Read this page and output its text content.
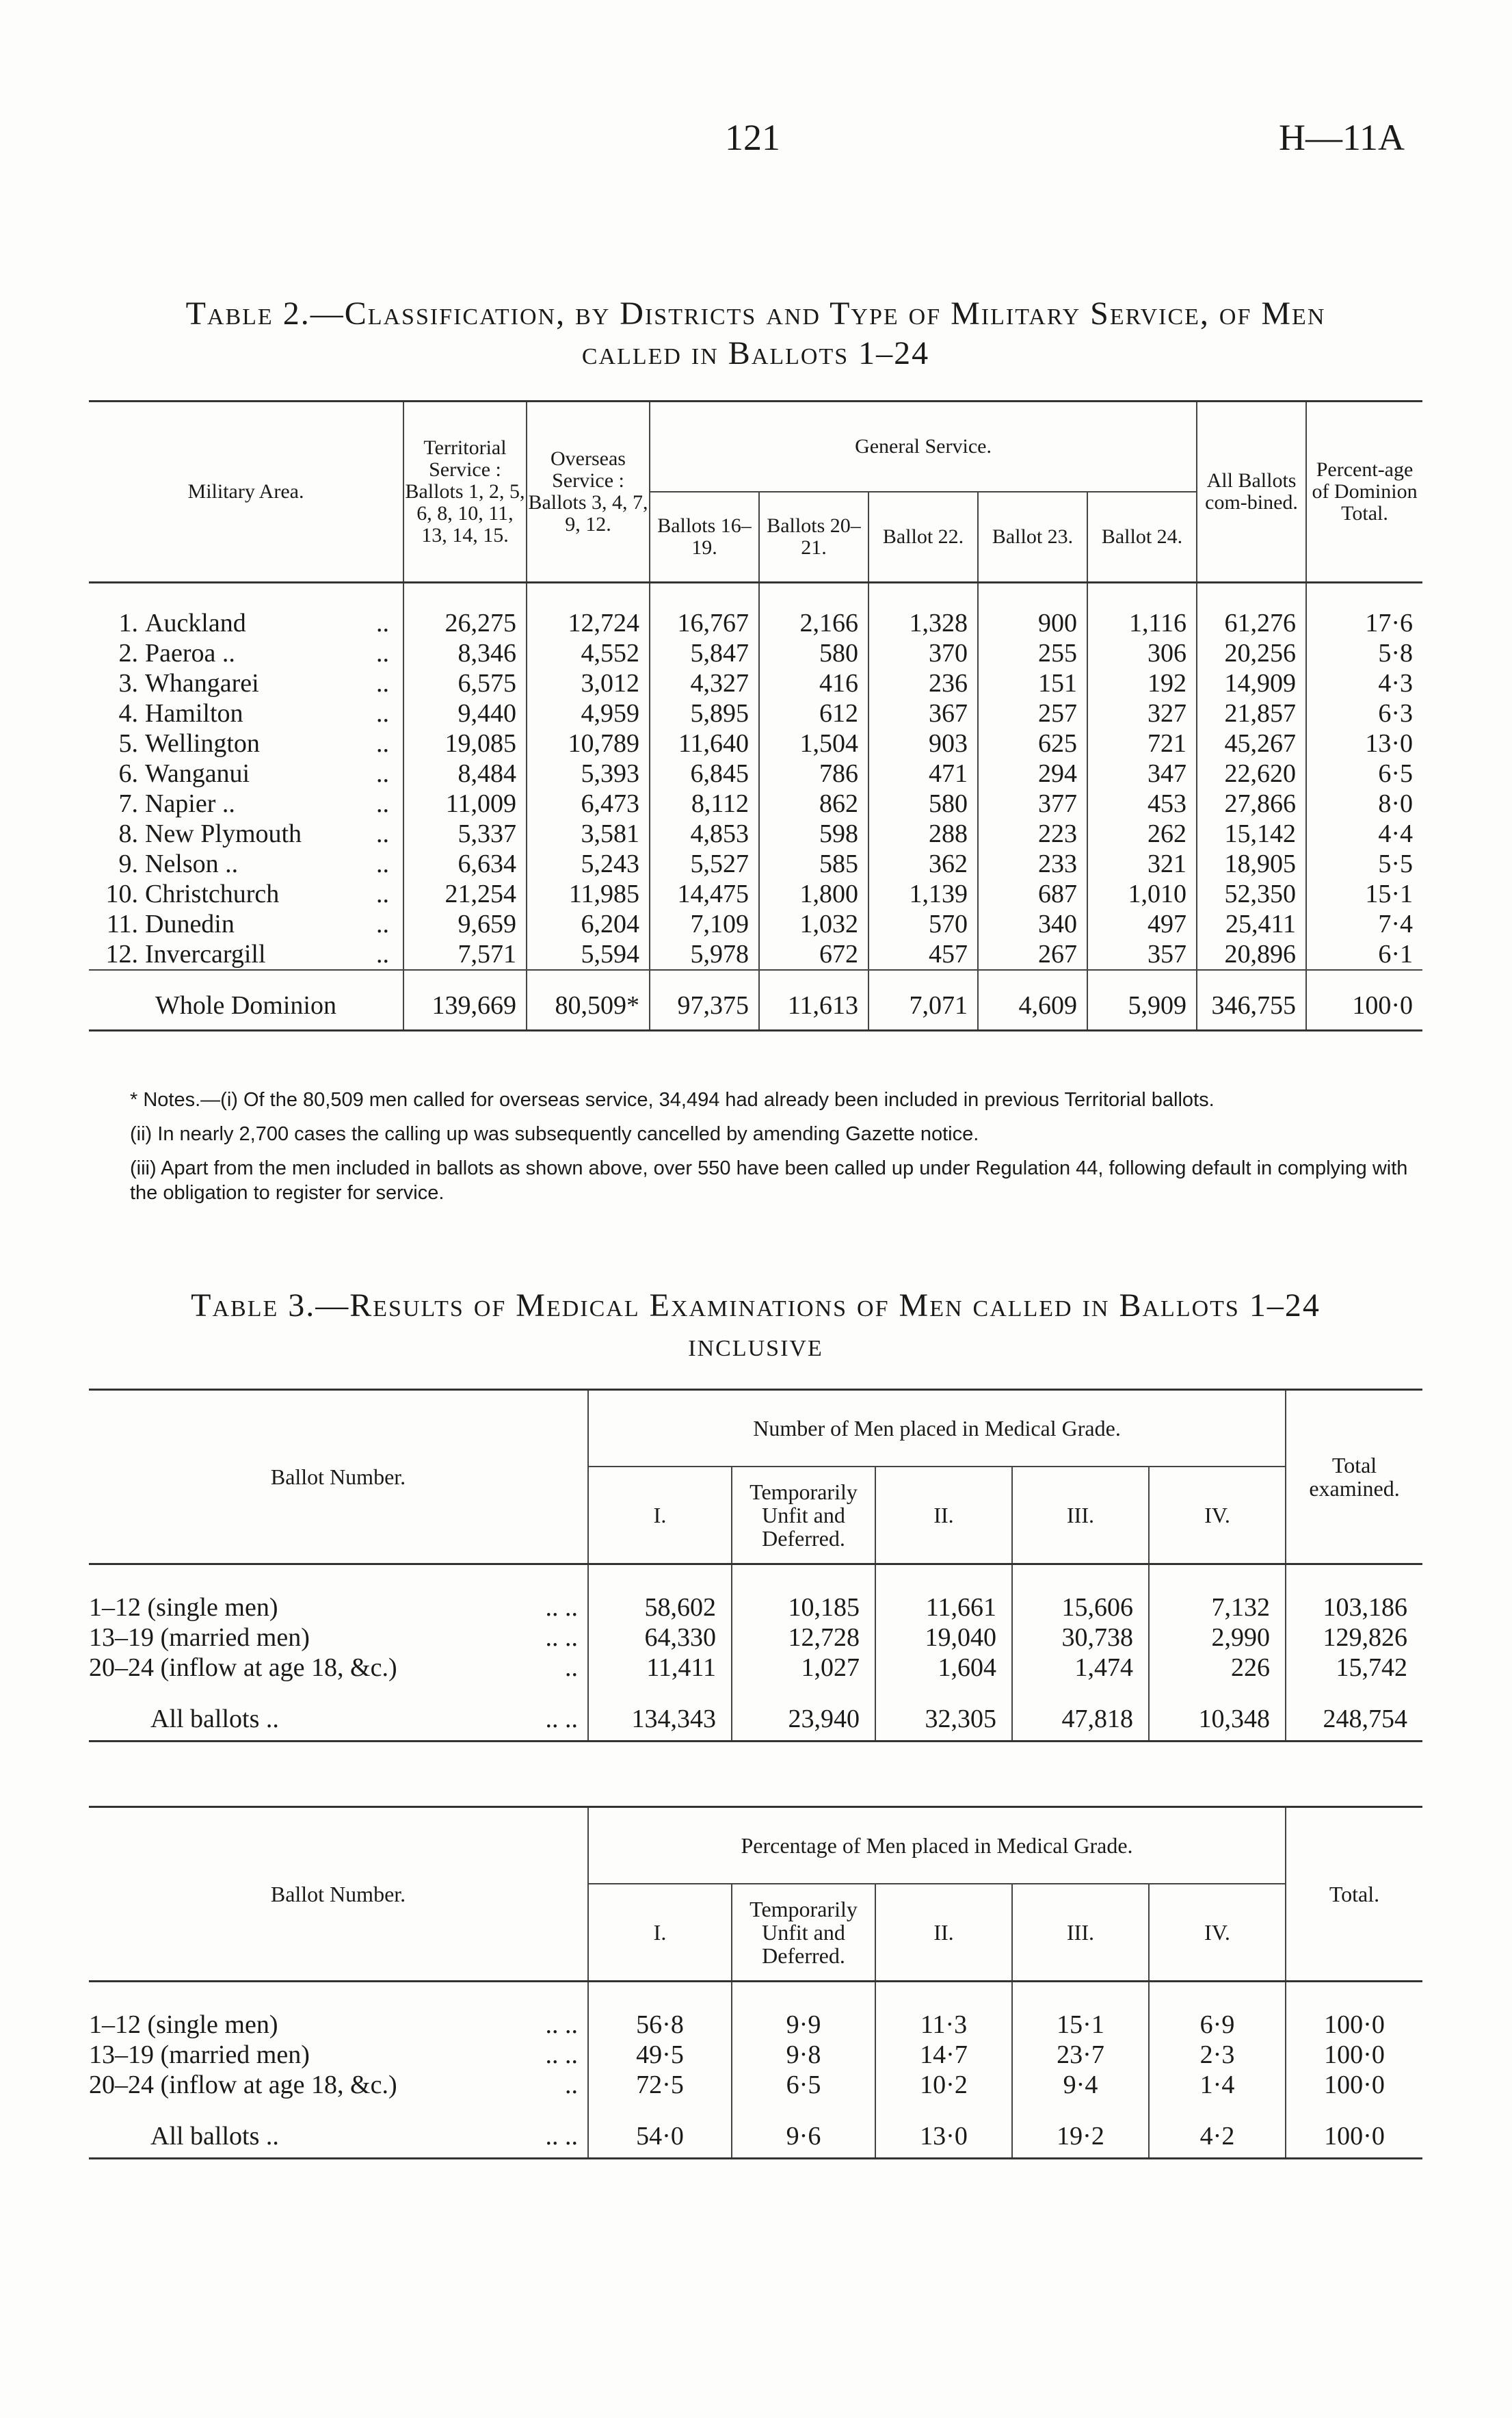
121	H—11A
Table 2.—Classification, by Districts and Type of Military Service, of Men
called in Ballots 1–24
Military Area.	Territorial Service : Ballots 1, 2, 5, 6, 8, 10, 11, 13, 14, 15.	Overseas Service : Ballots 3, 4, 7, 9, 12.	General Service.					All Ballots com-bined.	Percent-age of Dominion Total.
			Ballots 16–19.	Ballots 20–21.	Ballot 22.	Ballot 23.	Ballot 24.		

..
1. Auckland	26,275	12,724	16,767	2,166	1,328	900	1,116	61,276	17·6

..
2. Paeroa ..	8,346	4,552	5,847	580	370	255	306	20,256	5·8

..
3. Whangarei	6,575	3,012	4,327	416	236	151	192	14,909	4·3

..
4. Hamilton	9,440	4,959	5,895	612	367	257	327	21,857	6·3

..
5. Wellington	19,085	10,789	11,640	1,504	903	625	721	45,267	13·0

..
6. Wanganui	8,484	5,393	6,845	786	471	294	347	22,620	6·5

..
7. Napier ..	11,009	6,473	8,112	862	580	377	453	27,866	8·0

..
8. New Plymouth	5,337	3,581	4,853	598	288	223	262	15,142	4·4

..
9. Nelson ..	6,634	5,243	5,527	585	362	233	321	18,905	5·5

..
10. Christchurch	21,254	11,985	14,475	1,800	1,139	687	1,010	52,350	15·1

..
11. Dunedin	9,659	6,204	7,109	1,032	570	340	497	25,411	7·4

..
12. Invercargill	7,571	5,594	5,978	672	457	267	357	20,896	6·1
Whole Dominion	139,669	80,509*	97,375	11,613	7,071	4,609	5,909	346,755	100·0

* Notes.—(i) Of the 80,509 men called for overseas service, 34,494 had already been included in previous Territorial ballots.

(ii) In nearly 2,700 cases the calling up was subsequently cancelled by amending Gazette notice.

(iii) Apart from the men included in ballots as shown above, over 550 have been called up under Regulation 44, following default in complying with the obligation to register for service.

Table 3.—Results of Medical Examinations of Men called in Ballots 1–24
inclusive
Ballot Number.	Number of Men placed in Medical Grade.					Total examined.
	I.	Temporarily Unfit and Deferred.	II.	III.	IV.	

.. ..
1–12 (single men)	58,602	10,185	11,661	15,606	7,132	103,186

.. ..
13–19 (married men)	64,330	12,728	19,040	30,738	2,990	129,826

..
20–24 (inflow at age 18, &c.)	11,411	1,027	1,604	1,474	226	15,742

.. ..
All ballots ..	134,343	23,940	32,305	47,818	10,348	248,754
Ballot Number.	Percentage of Men placed in Medical Grade.					Total.
	I.	Temporarily Unfit and Deferred.	II.	III.	IV.	

.. ..
1–12 (single men)	56·8	9·9	11·3	15·1	6·9	100·0

.. ..
13–19 (married men)	49·5	9·8	14·7	23·7	2·3	100·0

..
20–24 (inflow at age 18, &c.)	72·5	6·5	10·2	9·4	1·4	100·0

.. ..
All ballots ..	54·0	9·6	13·0	19·2	4·2	100·0
